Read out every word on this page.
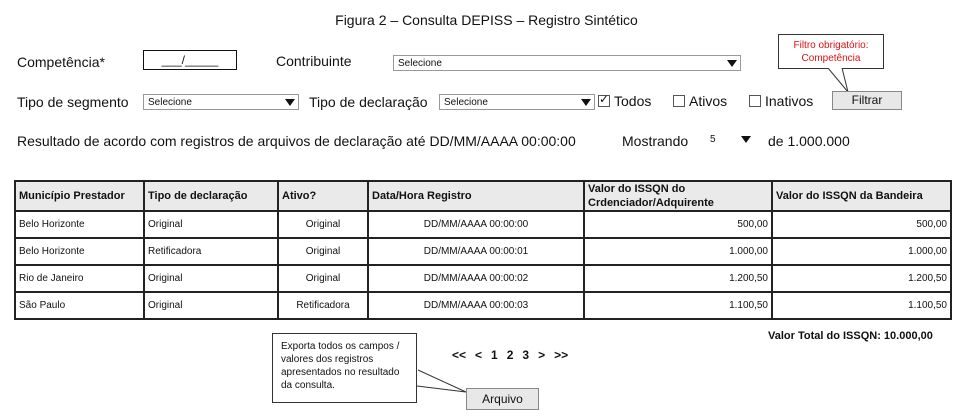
Figura 2 – Consulta DEPISS – Registro Sintético
Competência*	___/_____	Contribuinte	Selecione
Filtro obrigatório:
Competência
Tipo de segmento	Selecione	Tipo de declaração	Selecione ✓	Todos	Ativos	Inativos	Filtrar
Resultado de acordo com registros de arquivos de declaração até DD/MM/AAAA 00:00:00	Mostrando	5	de 1.000.000
Município Prestador	Tipo de declaração	Ativo?	Data/Hora Registro	Valor do ISSQN do Crdenciador/Adquirente	Valor do ISSQN da Bandeira
Belo Horizonte	Original	Original	DD/MM/AAAA 00:00:00	500,00	500,00
Belo Horizonte	Retificadora	Original	DD/MM/AAAA 00:00:01	1.000,00	1.000,00
Rio de Janeiro	Original	Original	DD/MM/AAAA 00:00:02	1.200,50	1.200,50
São Paulo	Original	Retificadora	DD/MM/AAAA 00:00:03	1.100,50	1.100,50
Valor Total do ISSQN: 10.000,00
<< < 1 2 3 > >>
Exporta todos os campos / valores dos registros apresentados no resultado da consulta.
Arquivo
